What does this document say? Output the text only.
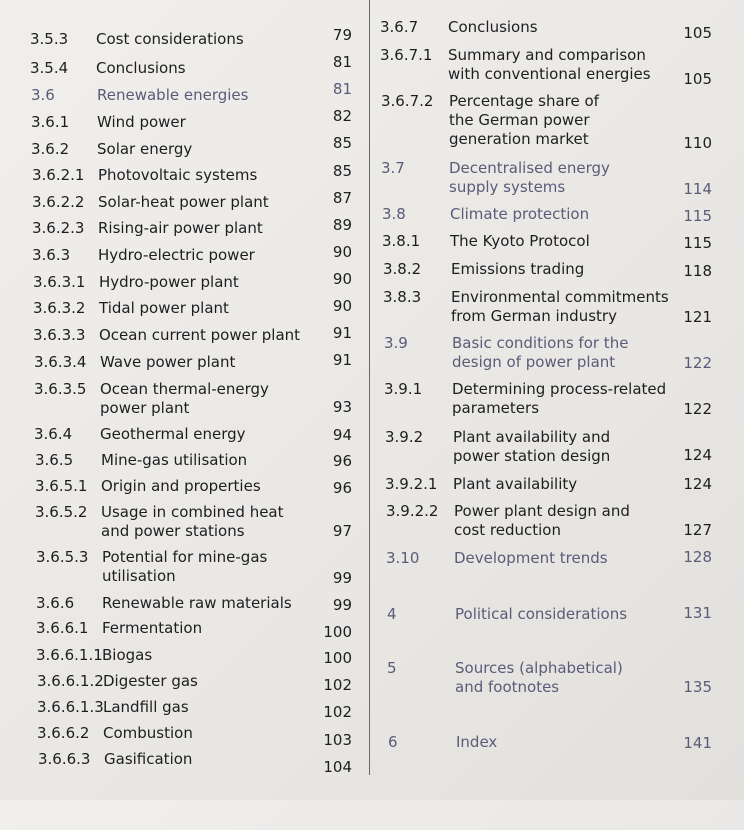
3.5.3 Cost considerations	79
3.5.4 Conclusions	81
3.6	Renewable energies	81
3.6.1 Wind power	82
3.6.2 Solar energy	85
3.6.2.1 Photovoltaic systems	85
3.6.2.2 Solar-heat power plant	87
3.6.2.3 Rising-air power plant	89
3.6.3 Hydro-electric power	90
3.6.3.1 Hydro-power plant	90
3.6.3.2 Tidal power plant	90
3.6.3.3 Ocean current power plant	91
3.6.3.4 Wave power plant	91
3.6.3.5 Ocean thermal-energy
power plant	93
3.6.4 Geothermal energy	94
3.6.5 Mine-gas utilisation	96
3.6.5.1 Origin and properties	96
3.6.5.2 Usage in combined heat
and power stations	97
3.6.5.3 Potential for mine-gas
utilisation	99
3.6.6 Renewable raw materials	99
3.6.6.1 Fermentation	100
3.6.6.1.1 Biogas	100
3.6.6.1.2 Digester gas	102
3.6.6.1.3 Landfill gas	102
3.6.6.2 Combustion	103
3.6.6.3 Gasification	104
3.6.7 Conclusions	105
3.6.7.1 Summary and comparison
with conventional energies	105
3.6.7.2 Percentage share of
the German power
generation market	110
3.7	Decentralised energy
supply systems	114
3.8	Climate protection	115
3.8.1 The Kyoto Protocol	115
3.8.2 Emissions trading	118
3.8.3 Environmental commitments
from German industry	121
3.9	Basic conditions for the
design of power plant	122
3.9.1 Determining process-related
parameters	122
3.9.2 Plant availability and
power station design	124
3.9.2.1 Plant availability	124
3.9.2.2 Power plant design and
cost reduction	127
3.10 Development trends	128
4	Political considerations	131
5	Sources (alphabetical)
and footnotes	135
6	Index	141
